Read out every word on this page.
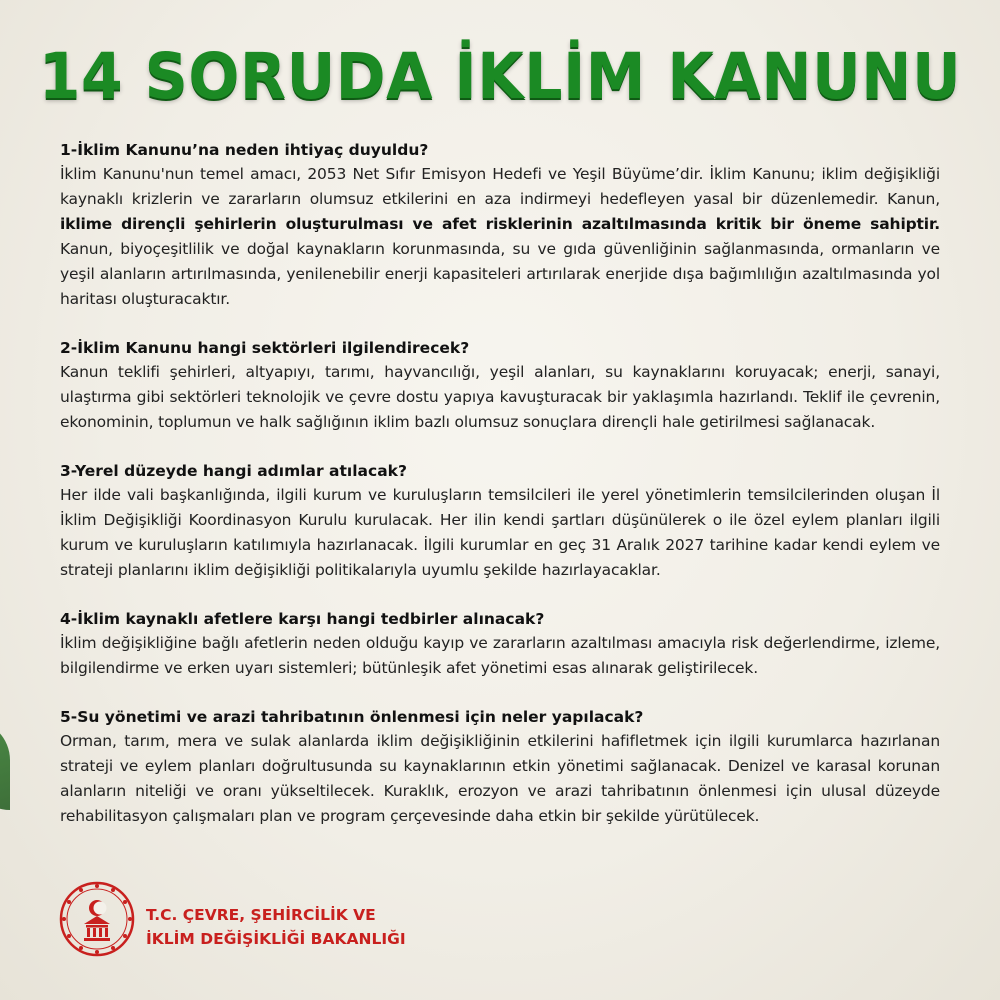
14 SORUDA İKLİM KANUNU

1-İklim Kanunu’na neden ihtiyaç duyuldu?

İklim Kanunu'nun temel amacı, 2053 Net Sıfır Emisyon Hedefi ve Yeşil Büyüme’dir. İklim Kanunu; iklim değişikliği kaynaklı krizlerin ve zararların olumsuz etkilerini en aza indirmeyi hedefleyen yasal bir düzenlemedir. Kanun, iklime dirençli şehirlerin oluşturulması ve afet risklerinin azaltılmasında kritik bir öneme sahiptir. Kanun, biyoçeşitlilik ve doğal kaynakların korunmasında, su ve gıda güvenliğinin sağlanmasında, ormanların ve yeşil alanların artırılmasında, yenilenebilir enerji kapasiteleri artırılarak enerjide dışa bağımlılığın azaltılmasında yol haritası oluşturacaktır.

2-İklim Kanunu hangi sektörleri ilgilendirecek?

Kanun teklifi şehirleri, altyapıyı, tarımı, hayvancılığı, yeşil alanları, su kaynaklarını koruyacak; enerji, sanayi, ulaştırma gibi sektörleri teknolojik ve çevre dostu yapıya kavuşturacak bir yaklaşımla hazırlandı. Teklif ile çevrenin, ekonominin, toplumun ve halk sağlığının iklim bazlı olumsuz sonuçlara dirençli hale getirilmesi sağlanacak.

3-Yerel düzeyde hangi adımlar atılacak?

Her ilde vali başkanlığında, ilgili kurum ve kuruluşların temsilcileri ile yerel yönetimlerin temsilcilerinden oluşan İl İklim Değişikliği Koordinasyon Kurulu kurulacak. Her ilin kendi şartları düşünülerek o ile özel eylem planları ilgili kurum ve kuruluşların katılımıyla hazırlanacak. İlgili kurumlar en geç 31 Aralık 2027 tarihine kadar kendi eylem ve strateji planlarını iklim değişikliği politikalarıyla uyumlu şekilde hazırlayacaklar.

4-İklim kaynaklı afetlere karşı hangi tedbirler alınacak?

İklim değişikliğine bağlı afetlerin neden olduğu kayıp ve zararların azaltılması amacıyla risk değerlendirme, izleme, bilgilendirme ve erken uyarı sistemleri; bütünleşik afet yönetimi esas alınarak geliştirilecek.

5-Su yönetimi ve arazi tahribatının önlenmesi için neler yapılacak?

Orman, tarım, mera ve sulak alanlarda iklim değişikliğinin etkilerini hafifletmek için ilgili kurumlarca hazırlanan strateji ve eylem planları doğrultusunda su kaynaklarının etkin yönetimi sağlanacak. Denizel ve karasal korunan alanların niteliği ve oranı yükseltilecek. Kuraklık, erozyon ve arazi tahribatının önlenmesi için ulusal düzeyde rehabilitasyon çalışmaları plan ve program çerçevesinde daha etkin bir şekilde yürütülecek.

T.C. ÇEVRE, ŞEHİRCİLİK VE
İKLİM DEĞİŞİKLİĞİ BAKANLIĞI
